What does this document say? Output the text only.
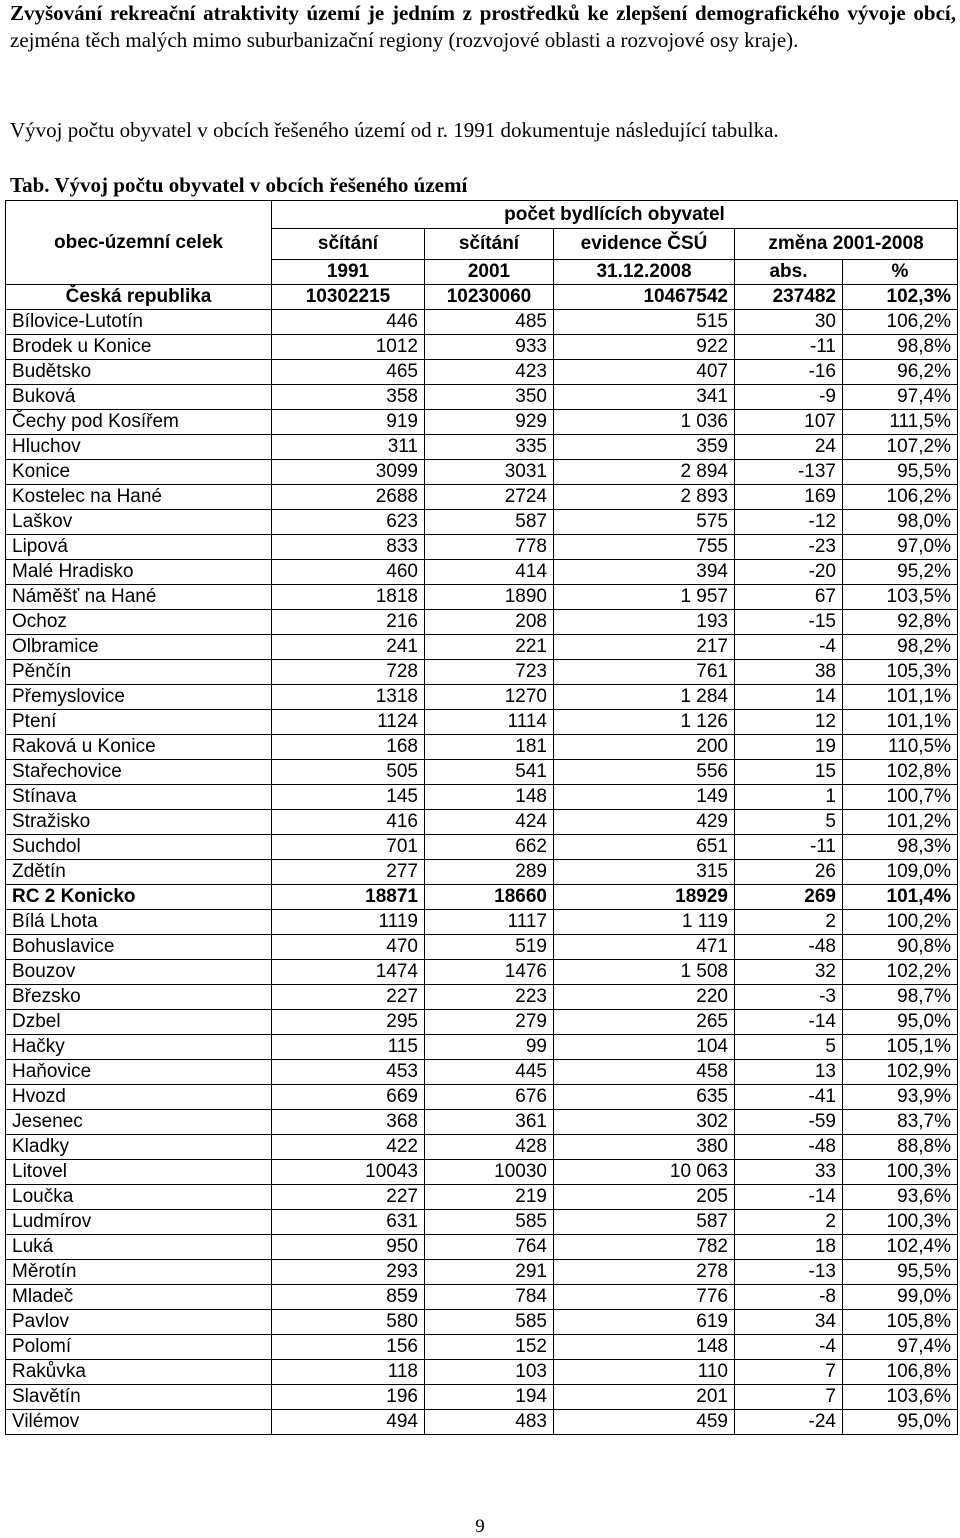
Zvyšování rekreační atraktivity území je jedním z prostředků ke zlepšení demografického vývoje obcí, zejména těch malých mimo suburbanizační regiony (rozvojové oblasti a rozvojové osy kraje).

Vývoj počtu obyvatel v obcích řešeného území od r. 1991 dokumentuje následující tabulka.

Tab. Vývoj počtu obyvatel v obcích řešeného území
obec-územní celek	počet bydlících obyvatel				
	sčítání	sčítání	evidence ČSÚ	změna 2001-2008	
	1991	2001	31.12.2008	abs.	%
Česká republika	10302215	10230060	10467542	237482	102,3%
Bílovice-Lutotín	446	485	515	30	106,2%
Brodek u Konice	1012	933	922	-11	98,8%
Budětsko	465	423	407	-16	96,2%
Buková	358	350	341	-9	97,4%
Čechy pod Kosířem	919	929	1 036	107	111,5%
Hluchov	311	335	359	24	107,2%
Konice	3099	3031	2 894	-137	95,5%
Kostelec na Hané	2688	2724	2 893	169	106,2%
Laškov	623	587	575	-12	98,0%
Lipová	833	778	755	-23	97,0%
Malé Hradisko	460	414	394	-20	95,2%
Náměšť na Hané	1818	1890	1 957	67	103,5%
Ochoz	216	208	193	-15	92,8%
Olbramice	241	221	217	-4	98,2%
Pěnčín	728	723	761	38	105,3%
Přemyslovice	1318	1270	1 284	14	101,1%
Ptení	1124	1114	1 126	12	101,1%
Raková u Konice	168	181	200	19	110,5%
Stařechovice	505	541	556	15	102,8%
Stínava	145	148	149	1	100,7%
Stražisko	416	424	429	5	101,2%
Suchdol	701	662	651	-11	98,3%
Zdětín	277	289	315	26	109,0%
RC 2 Konicko	18871	18660	18929	269	101,4%
Bílá Lhota	1119	1117	1 119	2	100,2%
Bohuslavice	470	519	471	-48	90,8%
Bouzov	1474	1476	1 508	32	102,2%
Březsko	227	223	220	-3	98,7%
Dzbel	295	279	265	-14	95,0%
Hačky	115	99	104	5	105,1%
Haňovice	453	445	458	13	102,9%
Hvozd	669	676	635	-41	93,9%
Jesenec	368	361	302	-59	83,7%
Kladky	422	428	380	-48	88,8%
Litovel	10043	10030	10 063	33	100,3%
Loučka	227	219	205	-14	93,6%
Ludmírov	631	585	587	2	100,3%
Luká	950	764	782	18	102,4%
Měrotín	293	291	278	-13	95,5%
Mladeč	859	784	776	-8	99,0%
Pavlov	580	585	619	34	105,8%
Polomí	156	152	148	-4	97,4%
Rakůvka	118	103	110	7	106,8%
Slavětín	196	194	201	7	103,6%
Vilémov	494	483	459	-24	95,0%
9
